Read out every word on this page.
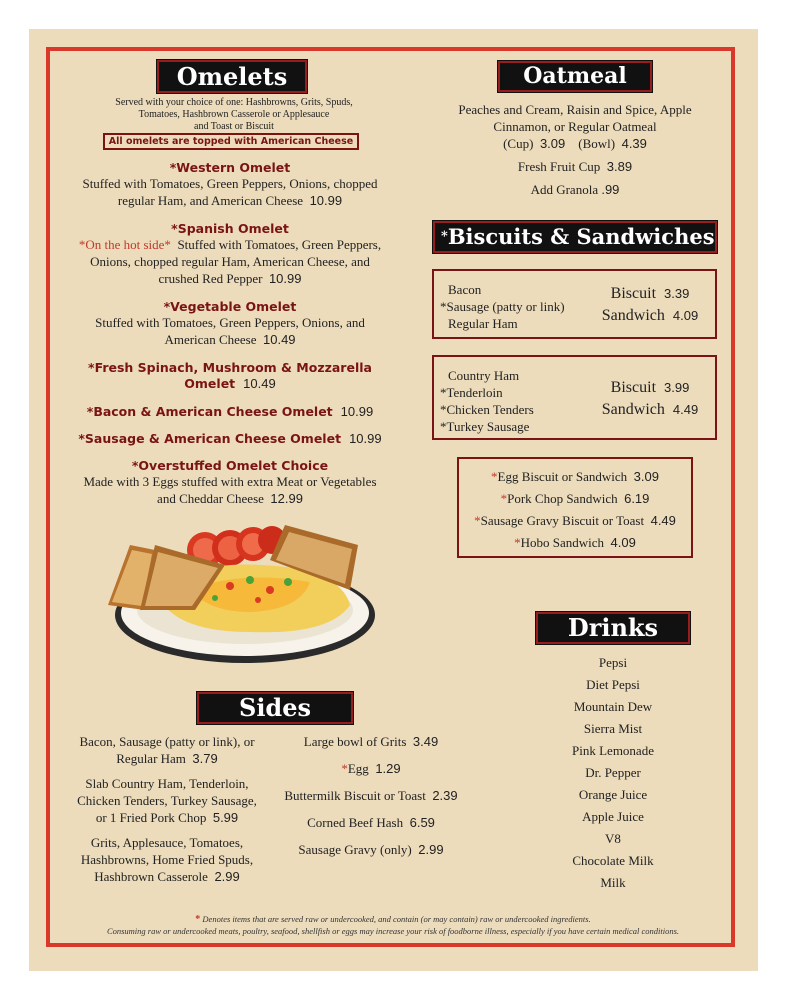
Omelets
Served with your choice of one: Hashbrowns, Grits, Spuds,
Tomatoes, Hashbrown Casserole or Applesauce
and Toast or Biscuit
All omelets are topped with American Cheese
*Western Omelet
Stuffed with Tomatoes, Green Peppers, Onions, chopped
regular Ham, and American Cheese 10.99
*Spanish Omelet
*On the hot side* Stuffed with Tomatoes, Green Peppers,
Onions, chopped regular Ham, American Cheese, and
crushed Red Pepper 10.99
*Vegetable Omelet
Stuffed with Tomatoes, Green Peppers, Onions, and
American Cheese 10.49
*Fresh Spinach, Mushroom & Mozzarella
Omelet 10.49
*Bacon & American Cheese Omelet 10.99
*Sausage & American Cheese Omelet 10.99
*Overstuffed Omelet Choice
Made with 3 Eggs stuffed with extra Meat or Vegetables
and Cheddar Cheese 12.99
Oatmeal
Peaches and Cream, Raisin and Spice, Apple
Cinnamon, or Regular Oatmeal
(Cup) 3.09 (Bowl) 4.39
Fresh Fruit Cup 3.89
Add Granola .99
*Biscuits & Sandwiches
Bacon
*Sausage (patty or link)
Regular Ham
Biscuit 3.39
Sandwich 4.09
Country Ham
*Tenderloin
*Chicken Tenders
*Turkey Sausage
Biscuit 3.99
Sandwich 4.49
*Egg Biscuit or Sandwich 3.09
*Pork Chop Sandwich 6.19
*Sausage Gravy Biscuit or Toast 4.49
*Hobo Sandwich 4.09
Drinks
Pepsi
Diet Pepsi
Mountain Dew
Sierra Mist
Pink Lemonade
Dr. Pepper
Orange Juice
Apple Juice
V8
Chocolate Milk
Milk
Sides
Bacon, Sausage (patty or link), or
Regular Ham 3.79
Slab Country Ham, Tenderloin,
Chicken Tenders, Turkey Sausage,
or 1 Fried Pork Chop 5.99
Grits, Applesauce, Tomatoes,
Hashbrowns, Home Fried Spuds,
Hashbrown Casserole 2.99
Large bowl of Grits 3.49
*Egg 1.29
Buttermilk Biscuit or Toast 2.39
Corned Beef Hash 6.59
Sausage Gravy (only) 2.99
* Denotes items that are served raw or undercooked, and contain (or may contain) raw or undercooked ingredients.
Consuming raw or undercooked meats, poultry, seafood, shellfish or eggs may increase your risk of foodborne illness, especially if you have certain medical conditions.
